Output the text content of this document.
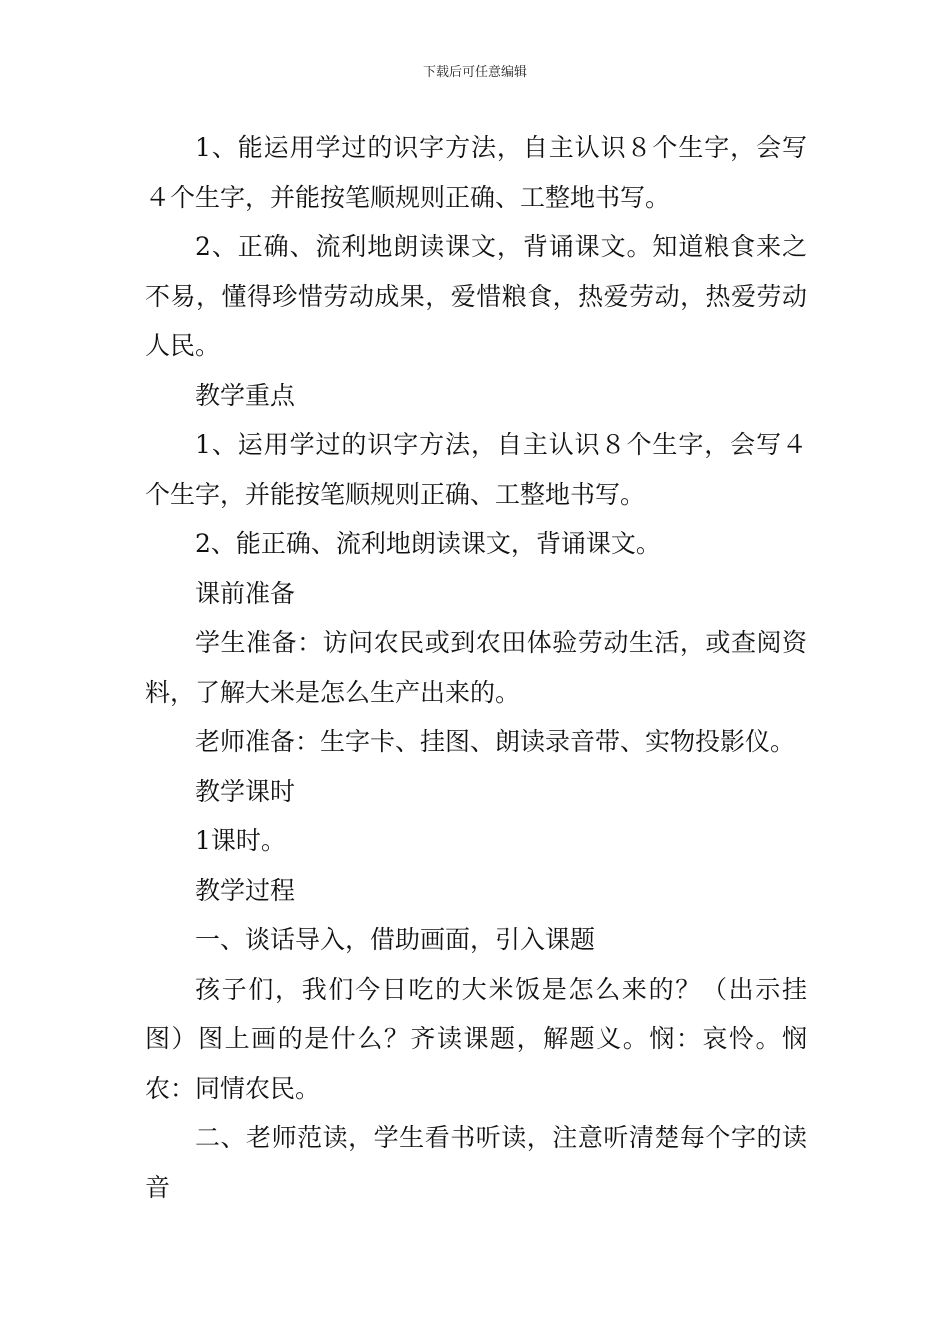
下载后可任意编辑

1、能运用学过的识字方法，自主认识８个生字，会写４个生字，并能按笔顺规则正确、工整地书写。

2、正确、流利地朗读课文，背诵课文。知道粮食来之不易，懂得珍惜劳动成果，爱惜粮食，热爱劳动，热爱劳动人民。

教学重点

1、运用学过的识字方法，自主认识８个生字，会写４个生字，并能按笔顺规则正确、工整地书写。

2、能正确、流利地朗读课文，背诵课文。

课前准备

学生准备：访问农民或到农田体验劳动生活，或查阅资料，了解大米是怎么生产出来的。

老师准备：生字卡、挂图、朗读录音带、实物投影仪。

教学课时

1课时。

教学过程

一、谈话导入，借助画面，引入课题

孩子们，我们今日吃的大米饭是怎么来的？（出示挂图）图上画的是什么？齐读课题，解题义。悯：哀怜。悯农：同情农民。

二、老师范读，学生看书听读，注意听清楚每个字的读音
